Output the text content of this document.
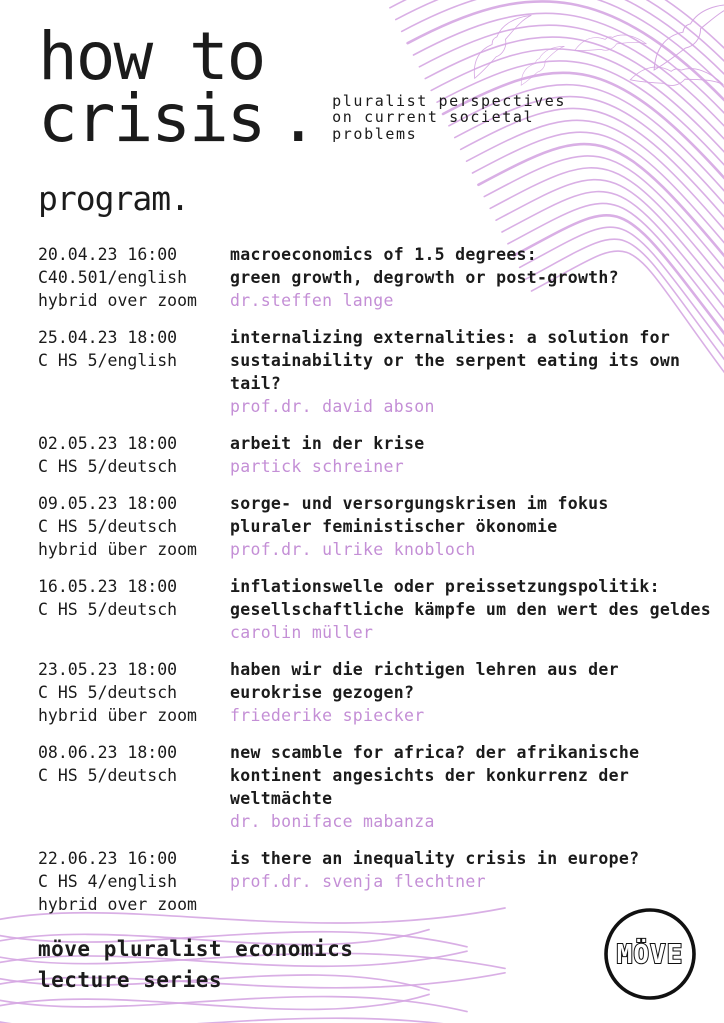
how to
crisis . pluralist perspectives
on current societal
problems
program.
20.04.23 16:00
C40.501/english
hybrid over zoom
macroeconomics of 1.5 degrees:
green growth, degrowth or post-growth?
dr.steffen lange
25.04.23 18:00
C HS 5/english
internalizing externalities: a solution for
sustainability or the serpent eating its own
tail?
prof.dr. david abson
02.05.23 18:00
C HS 5/deutsch
arbeit in der krise
partick schreiner
09.05.23 18:00
C HS 5/deutsch
hybrid über zoom
sorge- und versorgungskrisen im fokus
pluraler feministischer ökonomie
prof.dr. ulrike knobloch
16.05.23 18:00
C HS 5/deutsch
inflationswelle oder preissetzungspolitik:
gesellschaftliche kämpfe um den wert des geldes
carolin müller
23.05.23 18:00
C HS 5/deutsch
hybrid über zoom
haben wir die richtigen lehren aus der
eurokrise gezogen?
friederike spiecker
08.06.23 18:00
C HS 5/deutsch
new scamble for africa? der afrikanische
kontinent angesichts der konkurrenz der
weltmächte
dr. boniface mabanza
22.06.23 16:00
C HS 4/english
hybrid over zoom
is there an inequality crisis in europe?
prof.dr. svenja flechtner
möve pluralist economics
lecture series
MÖVE
